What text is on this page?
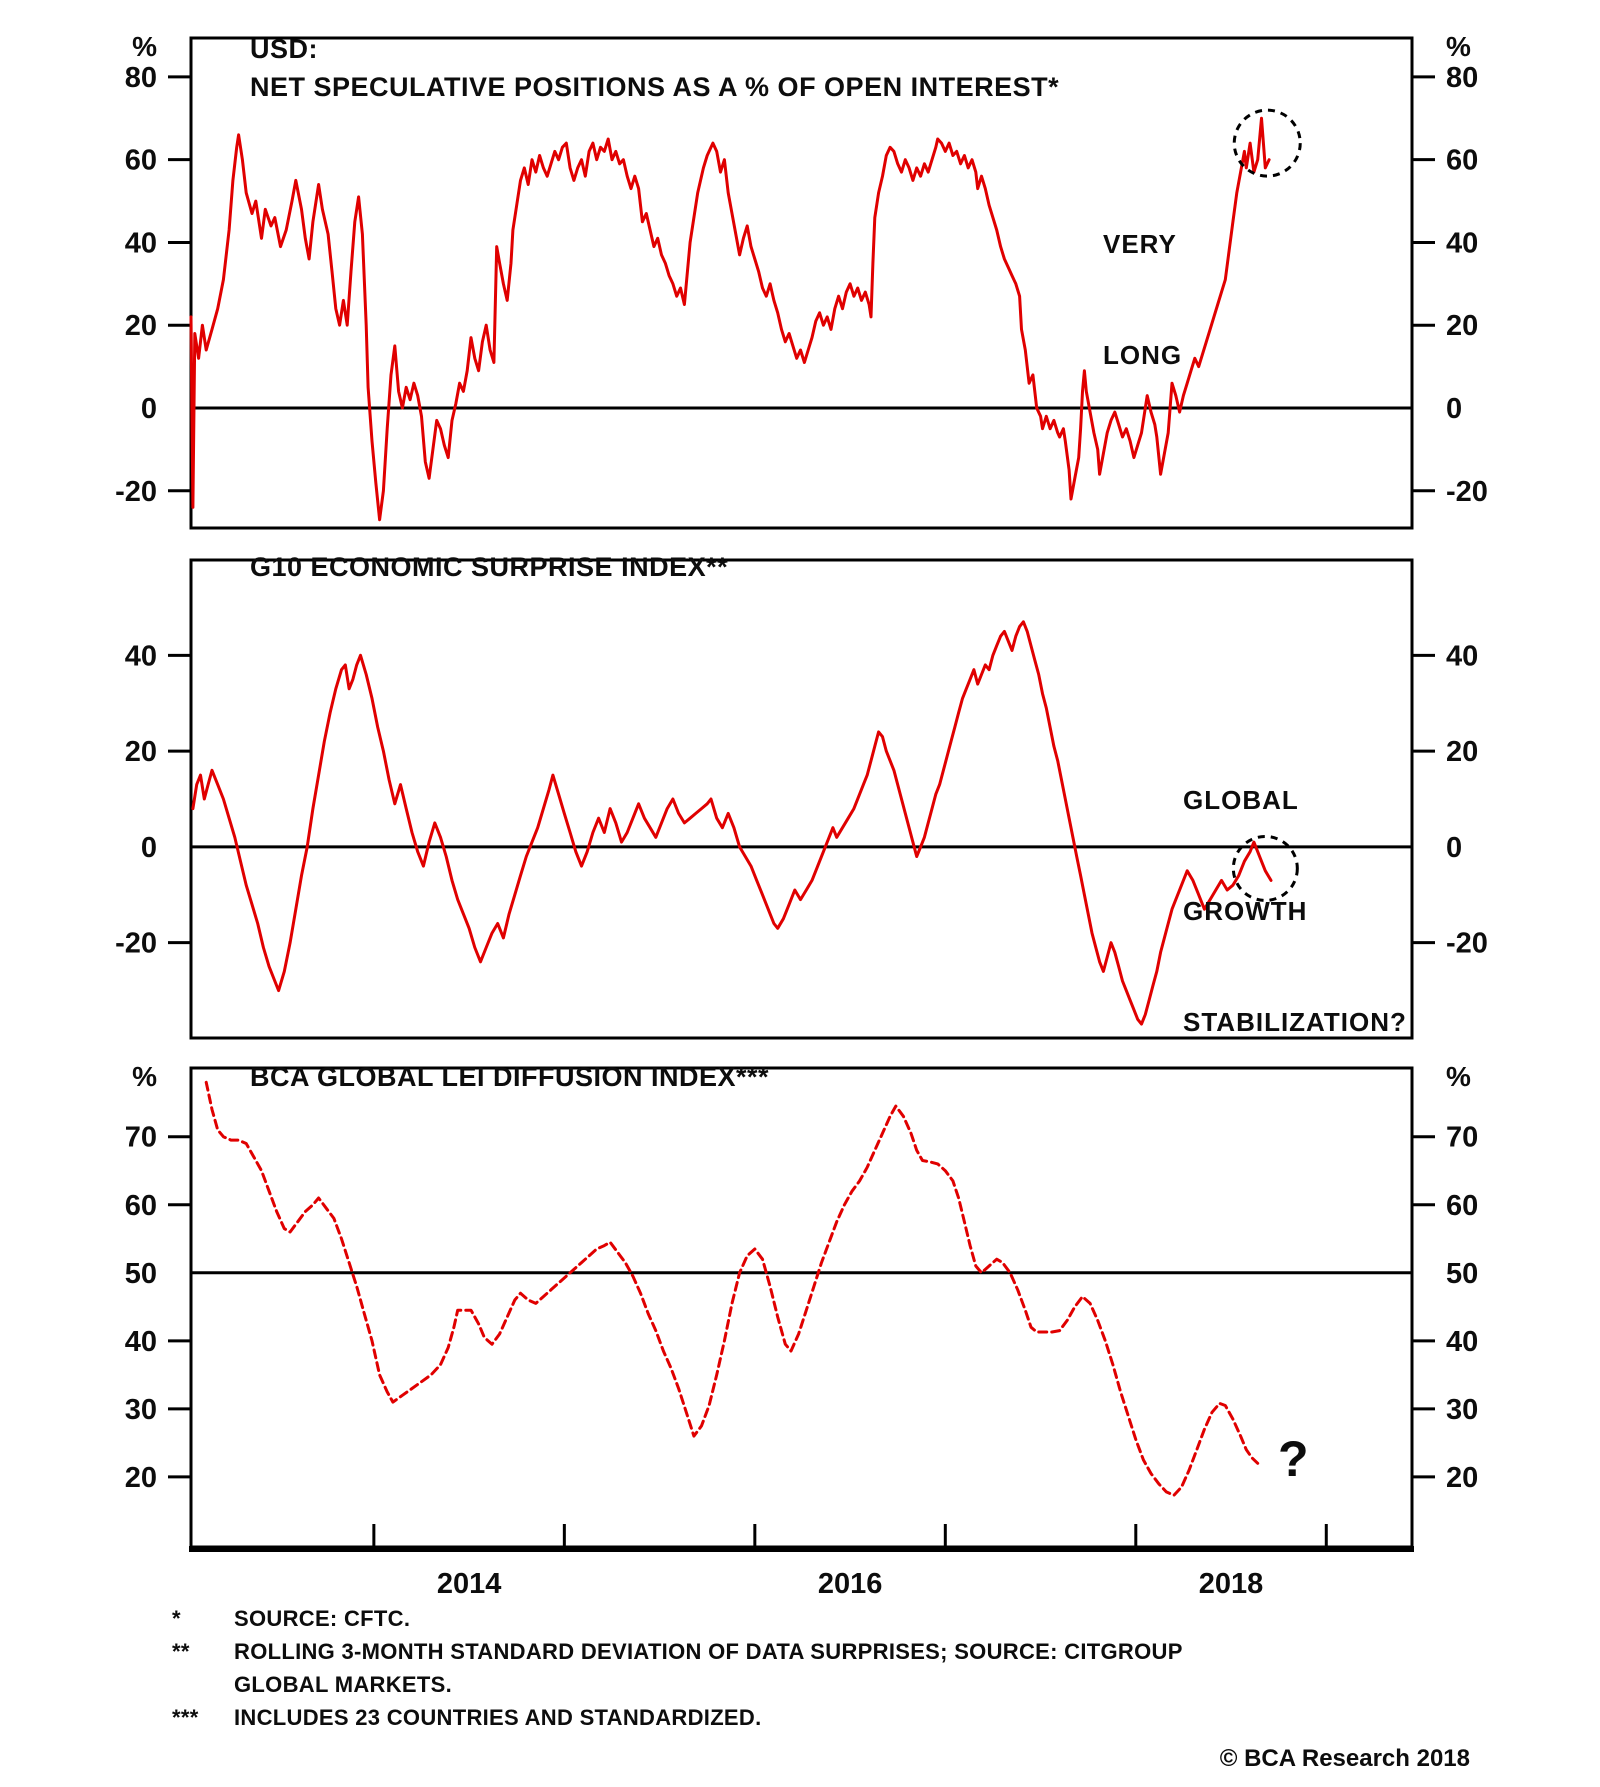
-20	-20
0	0
20	20
40	40
60	60
80	80
%	%
-20	-20
0	0
20	20
40	40
20	20
30	30
40	40
50	50
60	60
70	70
%	%
2014	2016	2018
USD:
NET SPECULATIVE POSITIONS AS A % OF OPEN INTEREST*
G10 ECONOMIC SURPRISE INDEX**
BCA GLOBAL LEI DIFFUSION INDEX***

VERY

LONG

GLOBAL

GROWTH

STABILIZATION?

?
*	SOURCE: CFTC.
**	ROLLING 3-MONTH STANDARD DEVIATION OF DATA SURPRISES; SOURCE: CITGROUP GLOBAL MARKETS.
***	INCLUDES 23 COUNTRIES AND STANDARDIZED.
© BCA Research 2018
